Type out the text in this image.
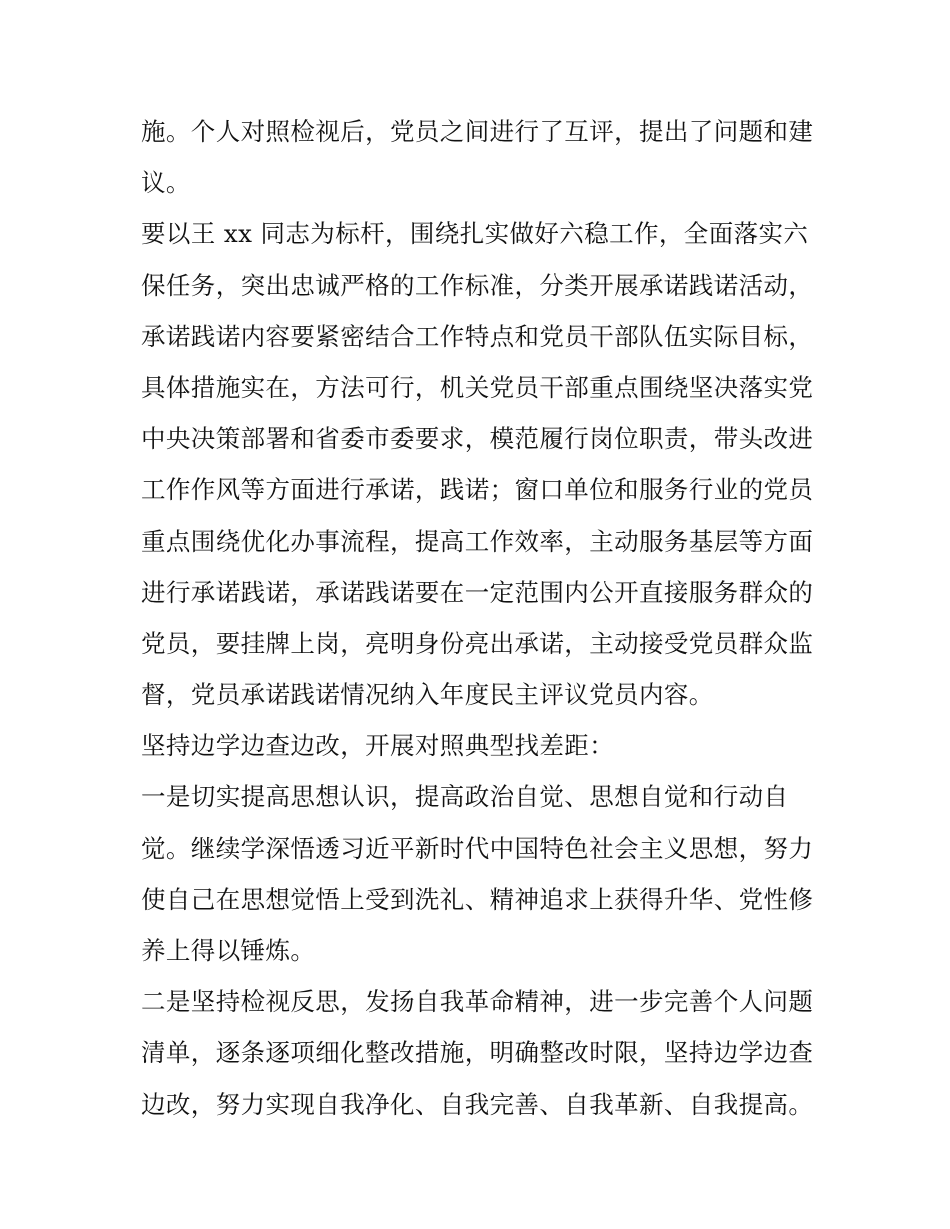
施。个人对照检视后，党员之间进行了互评，提出了问题和建
议。
要以王 xx 同志为标杆，围绕扎实做好六稳工作，全面落实六
保任务，突出忠诚严格的工作标准，分类开展承诺践诺活动，
承诺践诺内容要紧密结合工作特点和党员干部队伍实际目标，
具体措施实在，方法可行，机关党员干部重点围绕坚决落实党
中央决策部署和省委市委要求，模范履行岗位职责，带头改进
工作作风等方面进行承诺，践诺；窗口单位和服务行业的党员
重点围绕优化办事流程，提高工作效率，主动服务基层等方面
进行承诺践诺，承诺践诺要在一定范围内公开直接服务群众的
党员，要挂牌上岗，亮明身份亮出承诺，主动接受党员群众监
督，党员承诺践诺情况纳入年度民主评议党员内容。
坚持边学边查边改，开展对照典型找差距：
一是切实提高思想认识，提高政治自觉、思想自觉和行动自
觉。继续学深悟透习近平新时代中国特色社会主义思想，努力
使自己在思想觉悟上受到洗礼、精神追求上获得升华、党性修
养上得以锤炼。
二是坚持检视反思，发扬自我革命精神，进一步完善个人问题
清单，逐条逐项细化整改措施，明确整改时限，坚持边学边查
边改，努力实现自我净化、自我完善、自我革新、自我提高。
